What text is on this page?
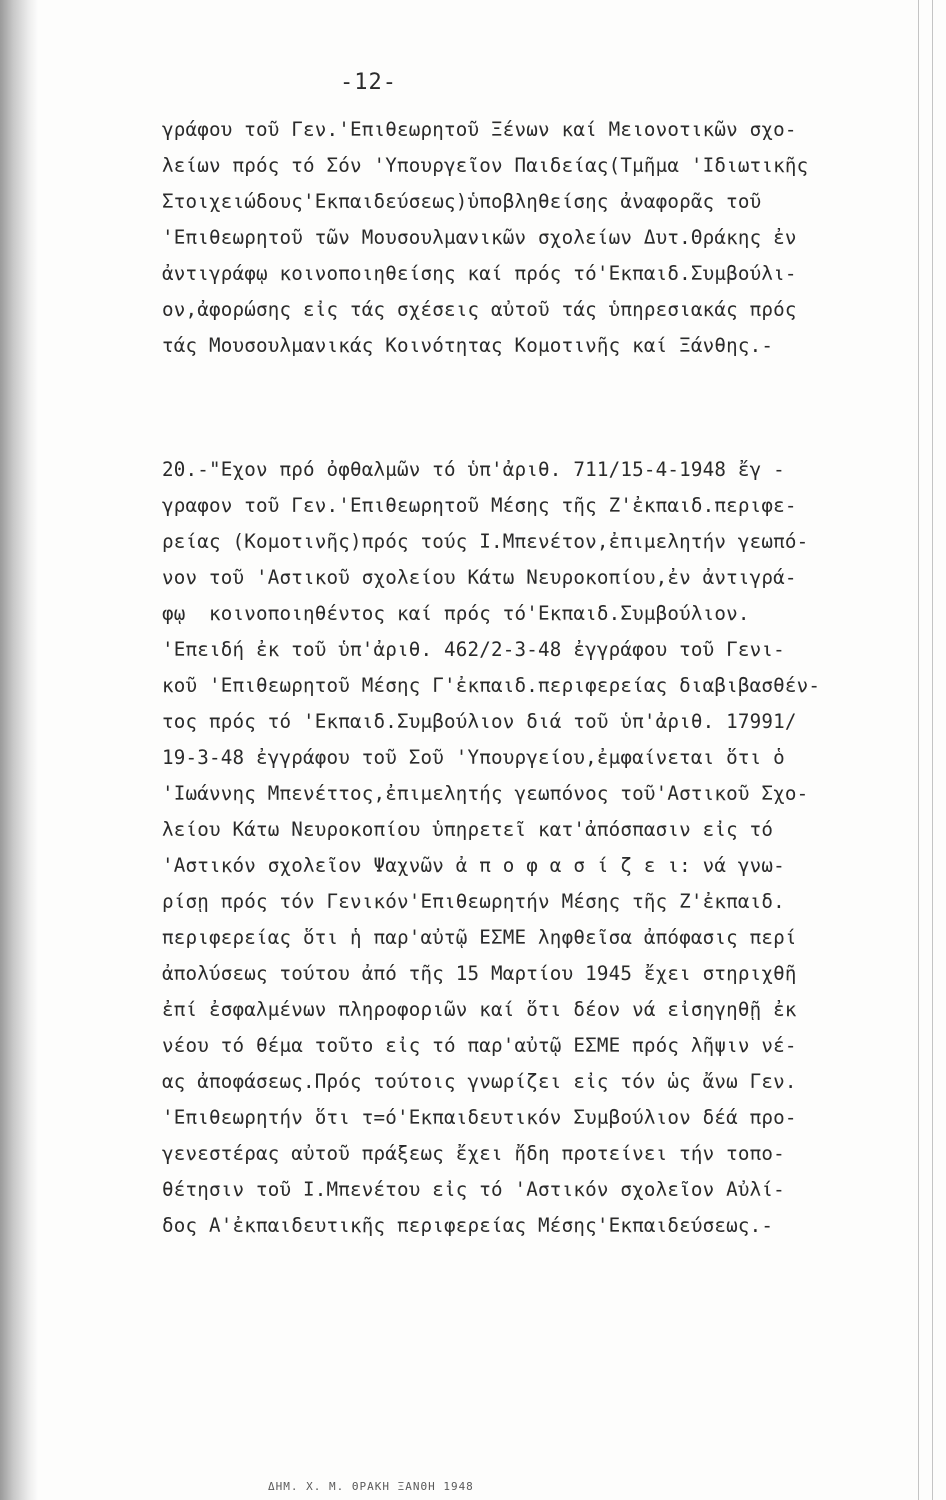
-12-
γράφου τοῦ Γεν.'Επιθεωρητοῦ Ξένων καί Μειονοτικῶν σχο-
λείων πρός τό Σόν 'Υπουργεῖον Παιδείας(Τμῆμα 'Ιδιωτικῆς
Στοιχειώδους'Εκπαιδεύσεως)ὑποβληθείσης ἀναφορᾶς τοῦ
'Επιθεωρητοῦ τῶν Μουσουλμανικῶν σχολείων Δυτ.Θράκης ἐν
ἀντιγράφῳ κοινοποιηθείσης καί πρός τό'Εκπαιδ.Συμβούλι-
ον,ἀφορώσης εἰς τάς σχέσεις αὐτοῦ τάς ὑπηρεσιακάς πρός
τάς Μουσουλμανικάς Κοινότητας Κομοτινῆς καί Ξάνθης.-
20.-"Εχον πρό ὀφθαλμῶν τό ὑπ'ἀριθ. 711/15-4-1948 ἔγ -
γραφον τοῦ Γεν.'Επιθεωρητοῦ Μέσης τῆς Ζ'ἐκπαιδ.περιφε-
ρείας (Κομοτινῆς)πρός τούς Ι.Μπενέτον,ἐπιμελητήν γεωπό-
νον τοῦ 'Αστικοῦ σχολείου Κάτω Νευροκοπίου,ἐν ἀντιγρά-
φῳ  κοινοποιηθέντος καί πρός τό'Εκπαιδ.Συμβούλιον.
'Επειδή ἐκ τοῦ ὑπ'ἀριθ. 462/2-3-48 ἐγγράφου τοῦ Γενι-
κοῦ 'Επιθεωρητοῦ Μέσης Γ'ἐκπαιδ.περιφερείας διαβιβασθέν-
τος πρός τό 'Εκπαιδ.Συμβούλιον διά τοῦ ὑπ'ἀριθ. 17991/
19-3-48 ἐγγράφου τοῦ Σοῦ 'Υπουργείου,ἐμφαίνεται ὅτι ὁ
'Ιωάννης Μπενέττος,ἐπιμελητής γεωπόνος τοῦ'Αστικοῦ Σχο-
λείου Κάτω Νευροκοπίου ὑπηρετεῖ κατ'ἀπόσπασιν εἰς τό
'Αστικόν σχολεῖον Ψαχνῶν ἀ π ο φ α σ ί ζ ε ι: νά γνω-
ρίσῃ πρός τόν Γενικόν'Επιθεωρητήν Μέσης τῆς Ζ'ἐκπαιδ.
περιφερείας ὅτι ἡ παρ'αὐτῷ ΕΣΜΕ ληφθεῖσα ἀπόφασις περί
ἀπολύσεως τούτου ἀπό τῆς 15 Μαρτίου 1945 ἔχει στηριχθῆ
ἐπί ἐσφαλμένων πληροφοριῶν καί ὅτι δέον νά εἰσηγηθῇ ἐκ
νέου τό θέμα τοῦτο εἰς τό παρ'αὐτῷ ΕΣΜΕ πρός λῆψιν νέ-
ας ἀποφάσεως.Πρός τούτοις γνωρίζει εἰς τόν ὡς ἄνω Γεν.
'Επιθεωρητήν ὅτι τ=ό'Εκπαιδευτικόν Συμβούλιον δέά προ-
γενεστέρας αὐτοῦ πράξεως ἔχει ἤδη προτείνει τήν τοπο-
θέτησιν τοῦ Ι.Μπενέτου εἰς τό 'Αστικόν σχολεῖον Αὐλί-
δος Α'ἐκπαιδευτικῆς περιφερείας Μέσης'Εκπαιδεύσεως.-
ΔΗΜ. Χ. Μ. ΘΡΑΚΗ ΞΑΝΘΗ 1948
